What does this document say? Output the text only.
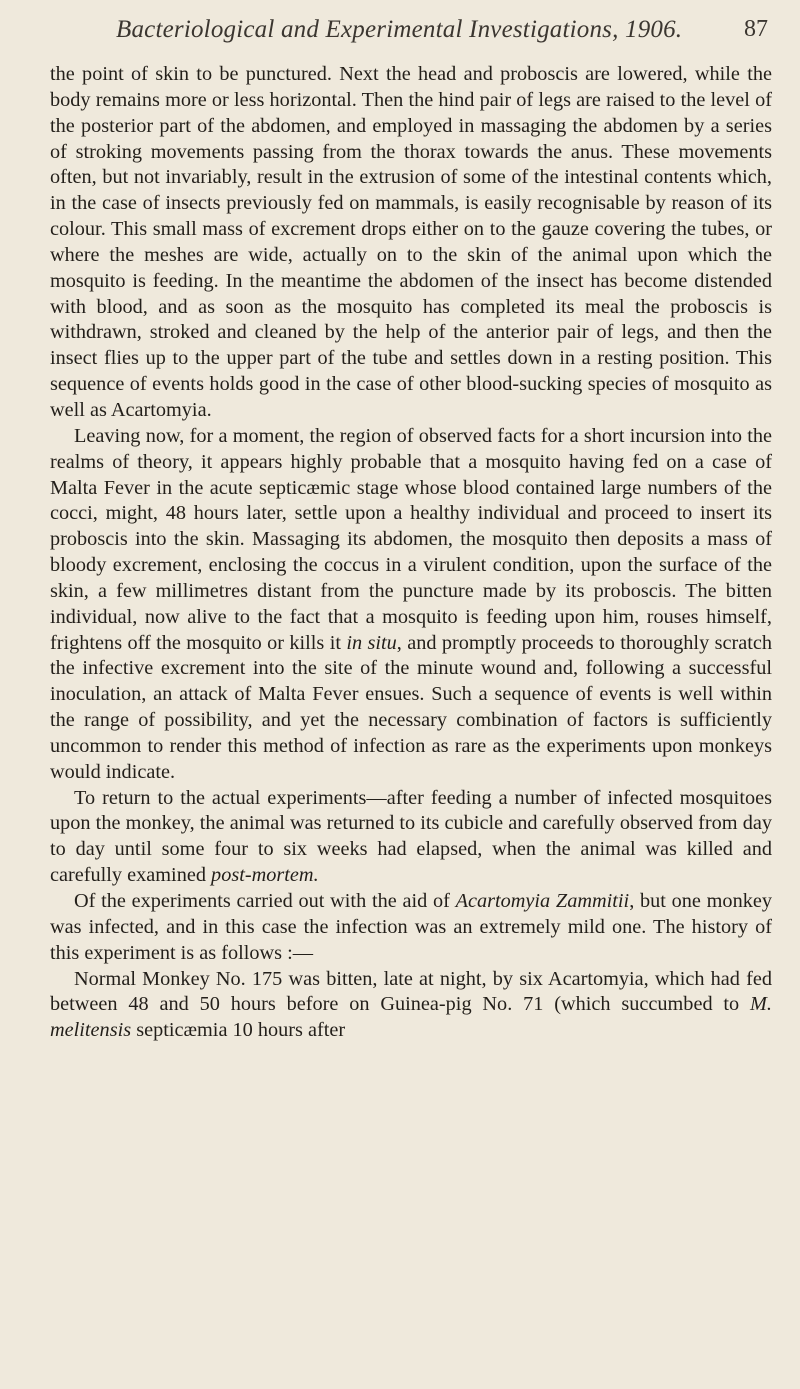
Bacteriological and Experimental Investigations, 1906.	87

the point of skin to be punctured. Next the head and proboscis are lowered, while the body remains more or less horizontal. Then the hind pair of legs are raised to the level of the posterior part of the abdomen, and employed in massaging the abdomen by a series of stroking movements passing from the thorax towards the anus. These movements often, but not invariably, result in the extrusion of some of the intestinal contents which, in the case of insects previously fed on mammals, is easily recognisable by reason of its colour. This small mass of excrement drops either on to the gauze covering the tubes, or where the meshes are wide, actually on to the skin of the animal upon which the mosquito is feeding. In the meantime the abdomen of the insect has become distended with blood, and as soon as the mosquito has completed its meal the proboscis is withdrawn, stroked and cleaned by the help of the anterior pair of legs, and then the insect flies up to the upper part of the tube and settles down in a resting position. This sequence of events holds good in the case of other blood-sucking species of mosquito as well as Acartomyia.

Leaving now, for a moment, the region of observed facts for a short incursion into the realms of theory, it appears highly probable that a mosquito having fed on a case of Malta Fever in the acute septicæmic stage whose blood contained large numbers of the cocci, might, 48 hours later, settle upon a healthy individual and proceed to insert its proboscis into the skin. Massaging its abdomen, the mosquito then deposits a mass of bloody excrement, enclosing the coccus in a virulent condition, upon the surface of the skin, a few millimetres distant from the puncture made by its proboscis. The bitten individual, now alive to the fact that a mosquito is feeding upon him, rouses himself, frightens off the mosquito or kills it in situ, and promptly proceeds to thoroughly scratch the infective excrement into the site of the minute wound and, following a successful inoculation, an attack of Malta Fever ensues. Such a sequence of events is well within the range of possibility, and yet the necessary combination of factors is sufficiently uncommon to render this method of infection as rare as the experiments upon monkeys would indicate.

To return to the actual experiments—after feeding a number of infected mosquitoes upon the monkey, the animal was returned to its cubicle and carefully observed from day to day until some four to six weeks had elapsed, when the animal was killed and carefully examined post-mortem.

Of the experiments carried out with the aid of Acartomyia Zammitii, but one monkey was infected, and in this case the infection was an extremely mild one. The history of this experiment is as follows :—

Normal Monkey No. 175 was bitten, late at night, by six Acartomyia, which had fed between 48 and 50 hours before on Guinea-pig No. 71 (which succumbed to M. melitensis septicæmia 10 hours after
